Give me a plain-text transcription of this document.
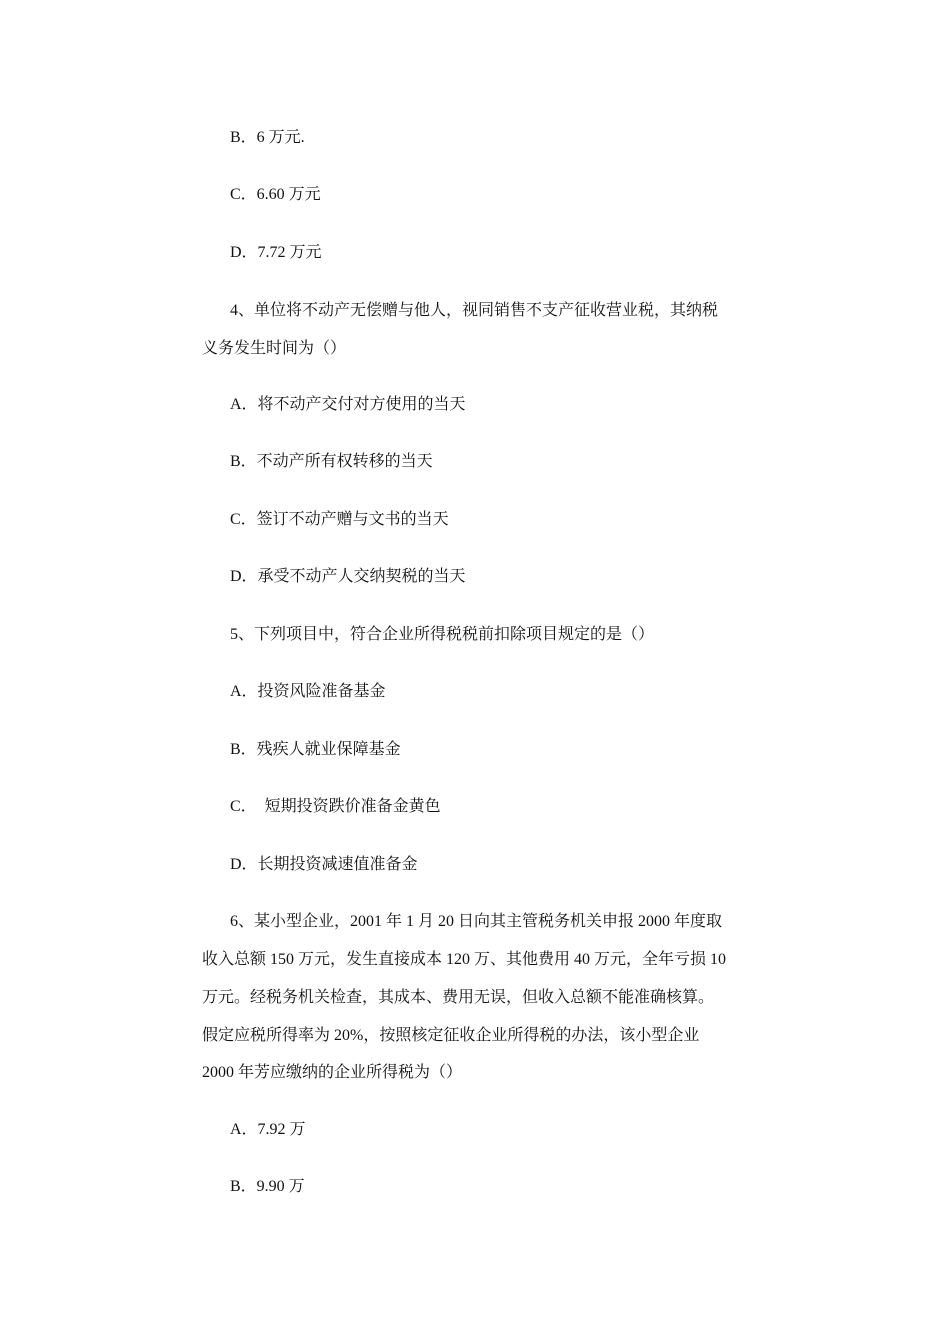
B．6 万元.
C．6.60 万元
D．7.72 万元
4、单位将不动产无偿赠与他人，视同销售不支产征收营业税，其纳税
义务发生时间为（）
A．将不动产交付对方使用的当天
B．不动产所有权转移的当天
C．签订不动产赠与文书的当天
D．承受不动产人交纳契税的当天
5、下列项目中，符合企业所得税税前扣除项目规定的是（）
A．投资风险准备基金
B．残疾人就业保障基金
C．  短期投资跌价准备金黄色
D．长期投资减速值准备金
6、某小型企业，2001 年 1 月 20 日向其主管税务机关申报 2000 年度取
收入总额 150 万元，发生直接成本 120 万、其他费用 40 万元，全年亏损 10
万元。经税务机关检查，其成本、费用无误，但收入总额不能准确核算。
假定应税所得率为 20%，按照核定征收企业所得税的办法，该小型企业
2000 年芳应缴纳的企业所得税为（）
A．7.92 万
B．9.90 万
